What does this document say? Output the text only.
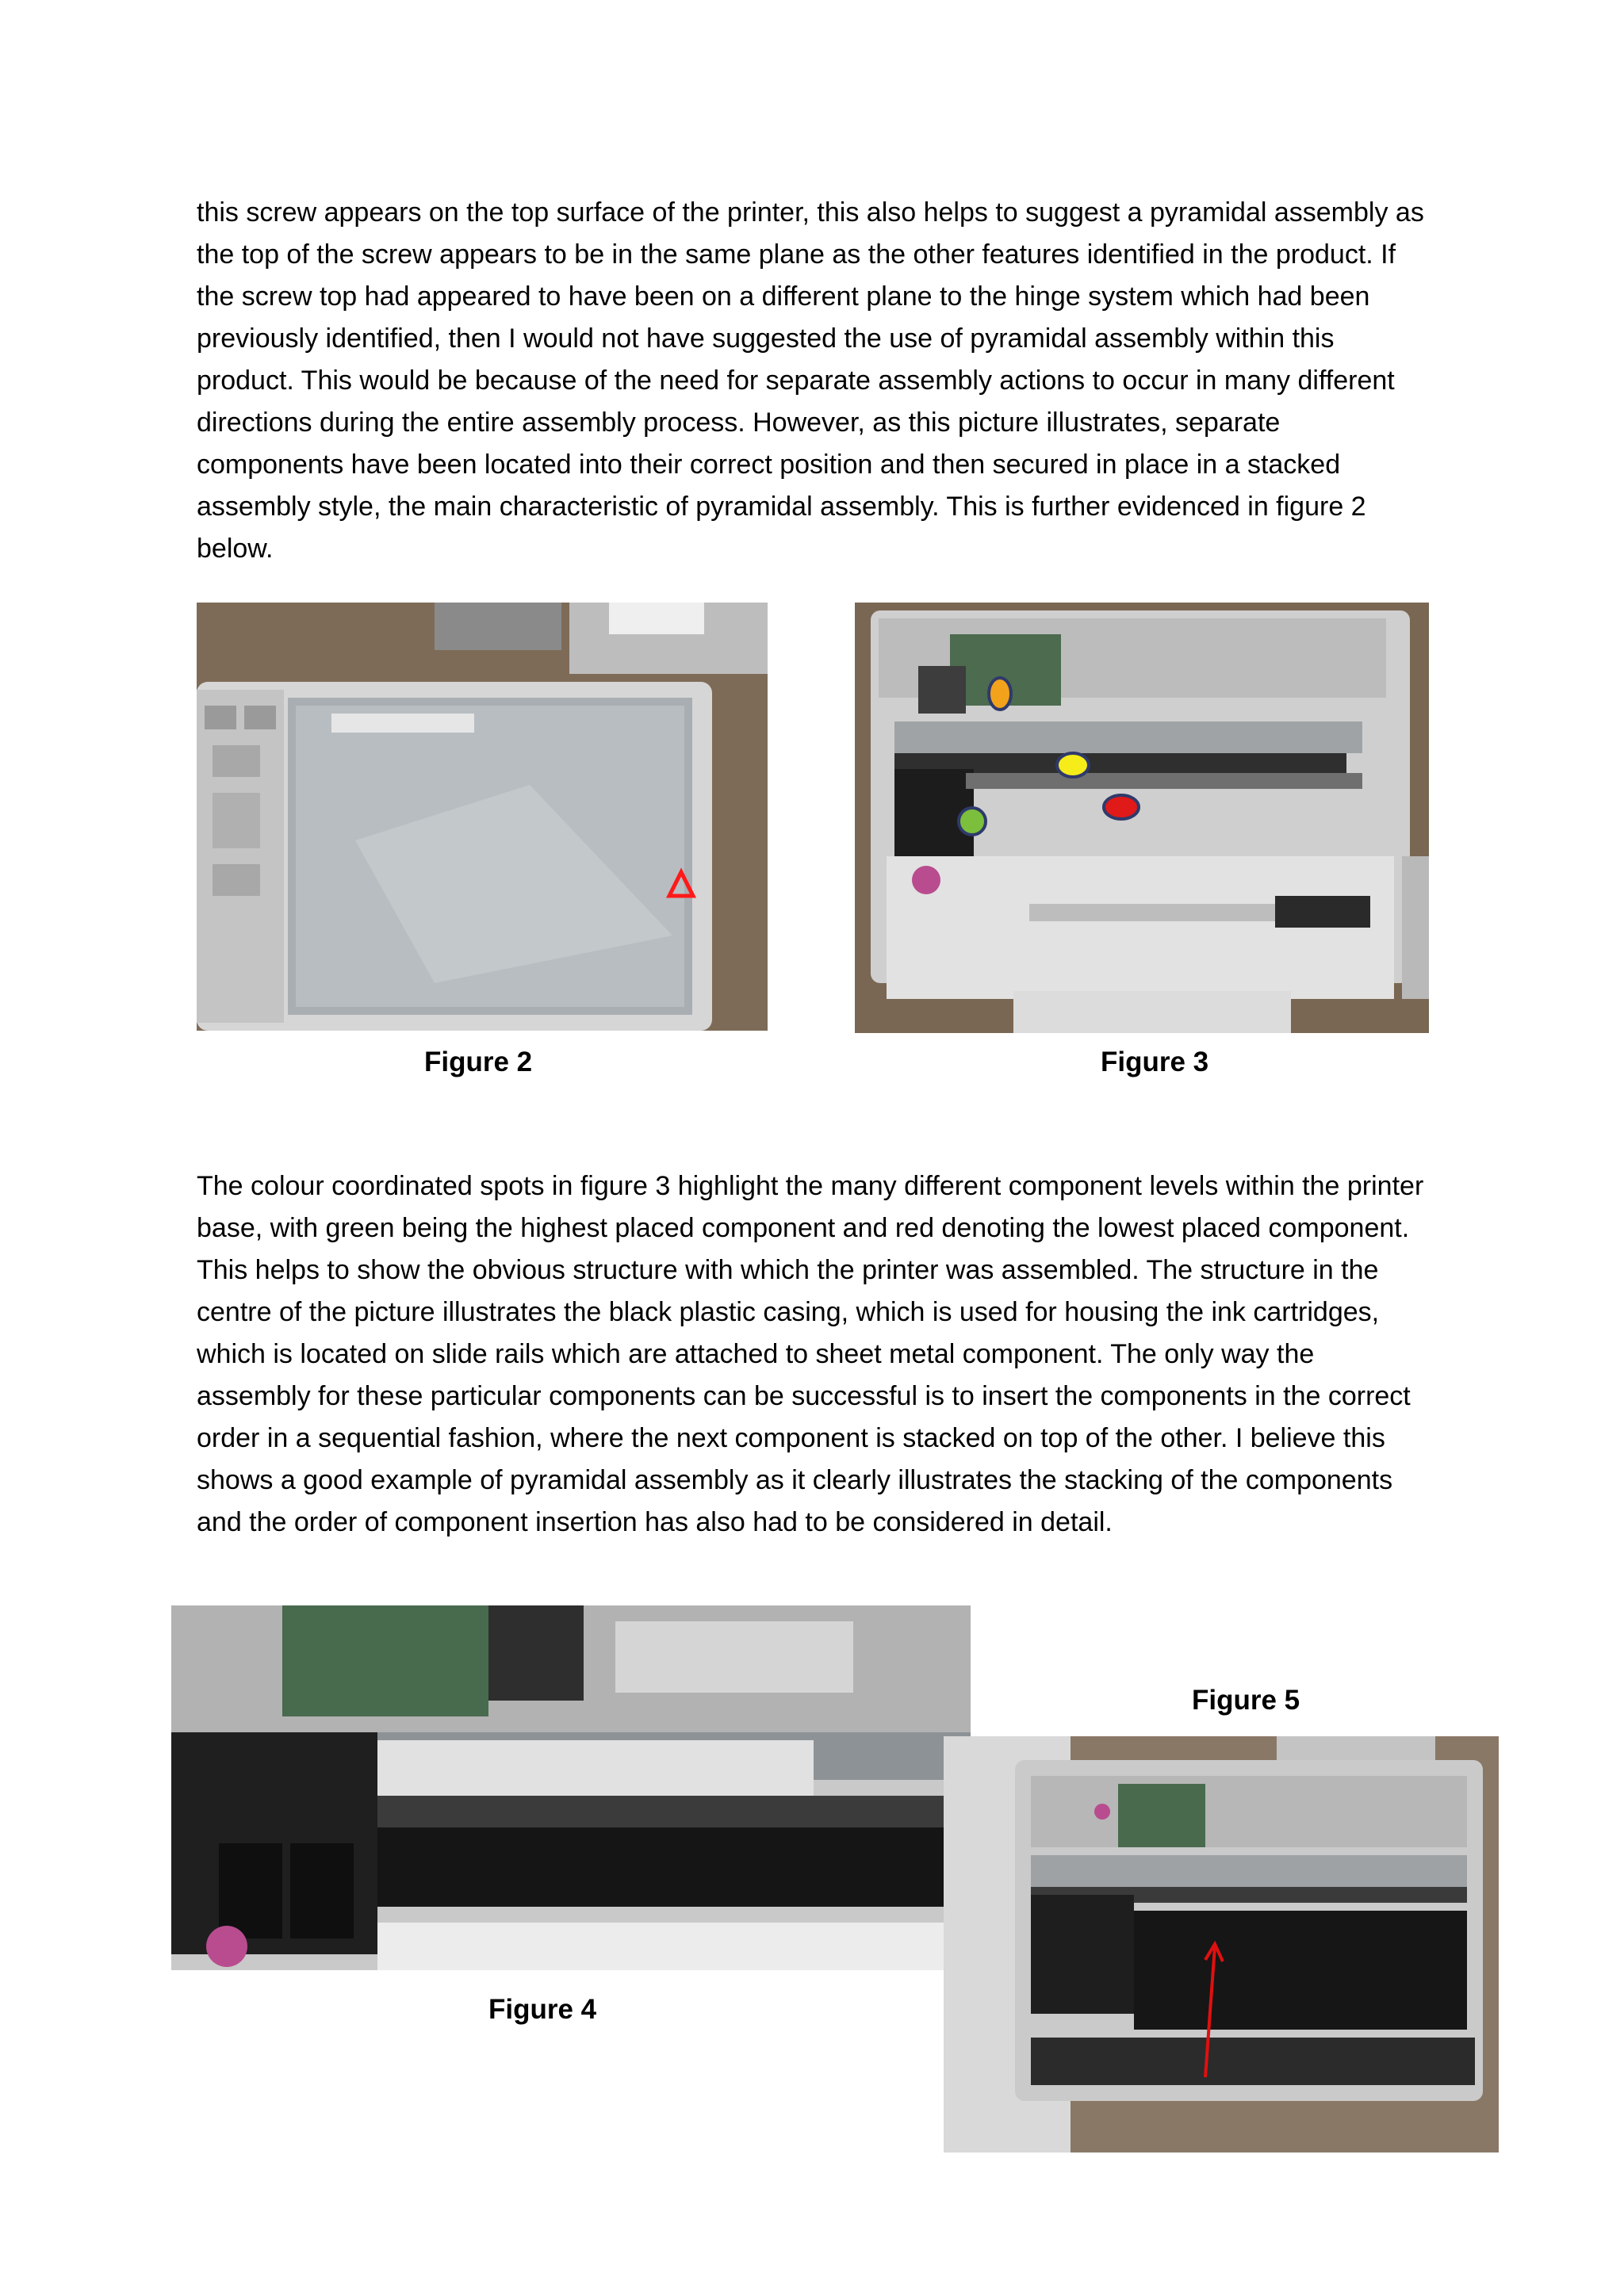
this screw appears on the top surface of the printer, this also helps to suggest a pyramidal assembly as the top of the screw appears to be in the same plane as the other features identified in the product. If the screw top had appeared to have been on a different plane to the hinge system which had been previously identified, then I would not have suggested the use of pyramidal assembly within this product. This would be because of the need for separate assembly actions to occur in many different directions during the entire assembly process. However, as this picture illustrates, separate components have been located into their correct position and then secured in place in a stacked assembly style, the main characteristic of pyramidal assembly. This is further evidenced in figure 2 below.

Figure 2	Figure 3

The colour coordinated spots in figure 3 highlight the many different component levels within the printer base, with green being the highest placed component and red denoting the lowest placed component. This helps to show the obvious structure with which the printer was assembled. The structure in the centre of the picture illustrates the black plastic casing, which is used for housing the ink cartridges, which is located on slide rails which are attached to sheet metal component. The only way the assembly for these particular components can be successful is to insert the components in the correct order in a sequential fashion, where the next component is stacked on top of the other. I believe this shows a good example of pyramidal assembly as it clearly illustrates the stacking of the components and the order of component insertion has also had to be considered in detail.

Figure 4
Figure 5
